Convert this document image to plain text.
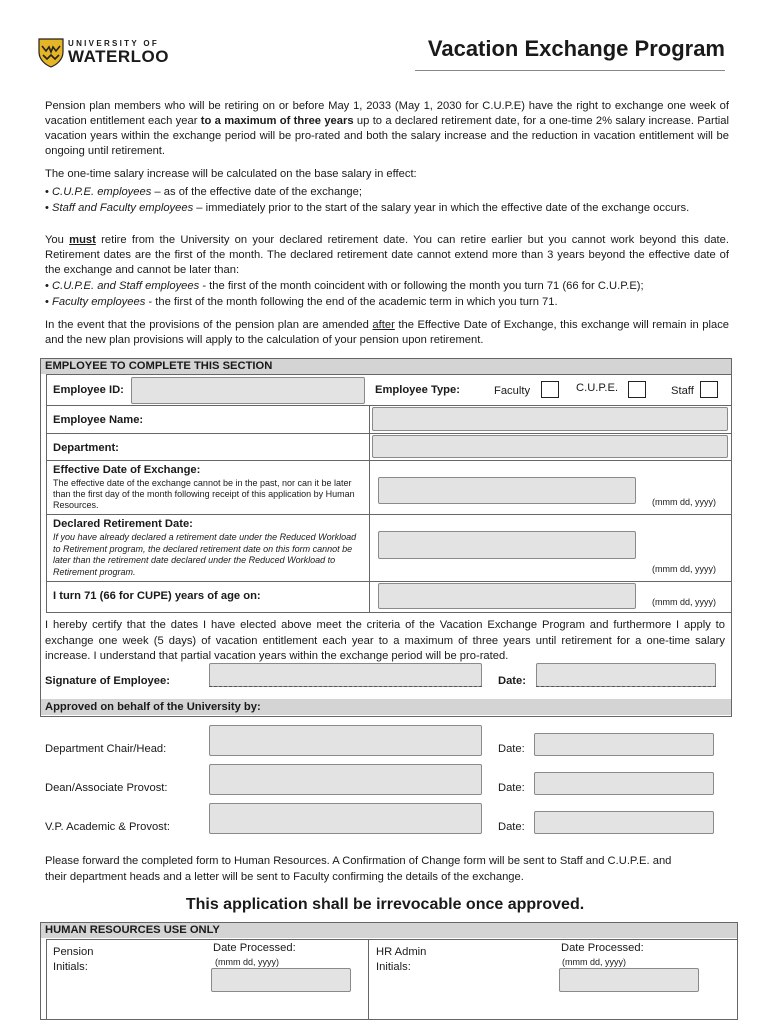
UNIVERSITY OF
WATERLOO	Vacation Exchange Program
Pension plan members who will be retiring on or before May 1, 2033 (May 1, 2030 for C.U.P.E) have the right to exchange one week of vacation entitlement each year to a maximum of three years up to a declared retirement date, for a one-time 2% salary increase. Partial vacation years within the exchange period will be pro-rated and both the salary increase and the reduction in vacation entitlement will be ongoing until retirement.
The one-time salary increase will be calculated on the base salary in effect:
• C.U.P.E. employees – as of the effective date of the exchange;
• Staff and Faculty employees – immediately prior to the start of the salary year in which the effective date of the exchange occurs.
You must retire from the University on your declared retirement date. You can retire earlier but you cannot work beyond this date. Retirement dates are the first of the month. The declared retirement date cannot extend more than 3 years beyond the effective date of the exchange and cannot be later than:
• C.U.P.E. and Staff employees - the first of the month coincident with or following the month you turn 71 (66 for C.U.P.E);
• Faculty employees - the first of the month following the end of the academic term in which you turn 71.
In the event that the provisions of the pension plan are amended after the Effective Date of Exchange, this exchange will remain in place and the new plan provisions will apply to the calculation of your pension upon retirement.
EMPLOYEE TO COMPLETE THIS SECTION
Employee ID:	Employee Type:	Faculty	C.U.P.E.	Staff
Employee Name:
Department:
Effective Date of Exchange:
The effective date of the exchange cannot be in the past, nor can it be later than the first day of the month following receipt of this application by Human Resources.	(mmm dd, yyyy)
Declared Retirement Date:
If you have already declared a retirement date under the Reduced Workload to Retirement program, the declared retirement date on this form cannot be later than the retirement date declared under the Reduced Workload to Retirement program.	(mmm dd, yyyy)
I turn 71 (66 for CUPE) years of age on:	(mmm dd, yyyy)
I hereby certify that the dates I have elected above meet the criteria of the Vacation Exchange Program and furthermore I apply to exchange one week (5 days) of vacation entitlement each year to a maximum of three years until retirement for a one-time salary increase. I understand that partial vacation years within the exchange period will be pro-rated.
Signature of Employee:	Date:
Approved on behalf of the University by:
Department Chair/Head:	Date:
Dean/Associate Provost:	Date:
V.P. Academic & Provost:	Date:
Please forward the completed form to Human Resources. A Confirmation of Change form will be sent to Staff and C.U.P.E. and their department heads and a letter will be sent to Faculty confirming the details of the exchange.
This application shall be irrevocable once approved.
HUMAN RESOURCES USE ONLY
Pension Initials:
Date Processed:
(mmm dd, yyyy)
HR Admin Initials:
Date Processed:
(mmm dd, yyyy)
